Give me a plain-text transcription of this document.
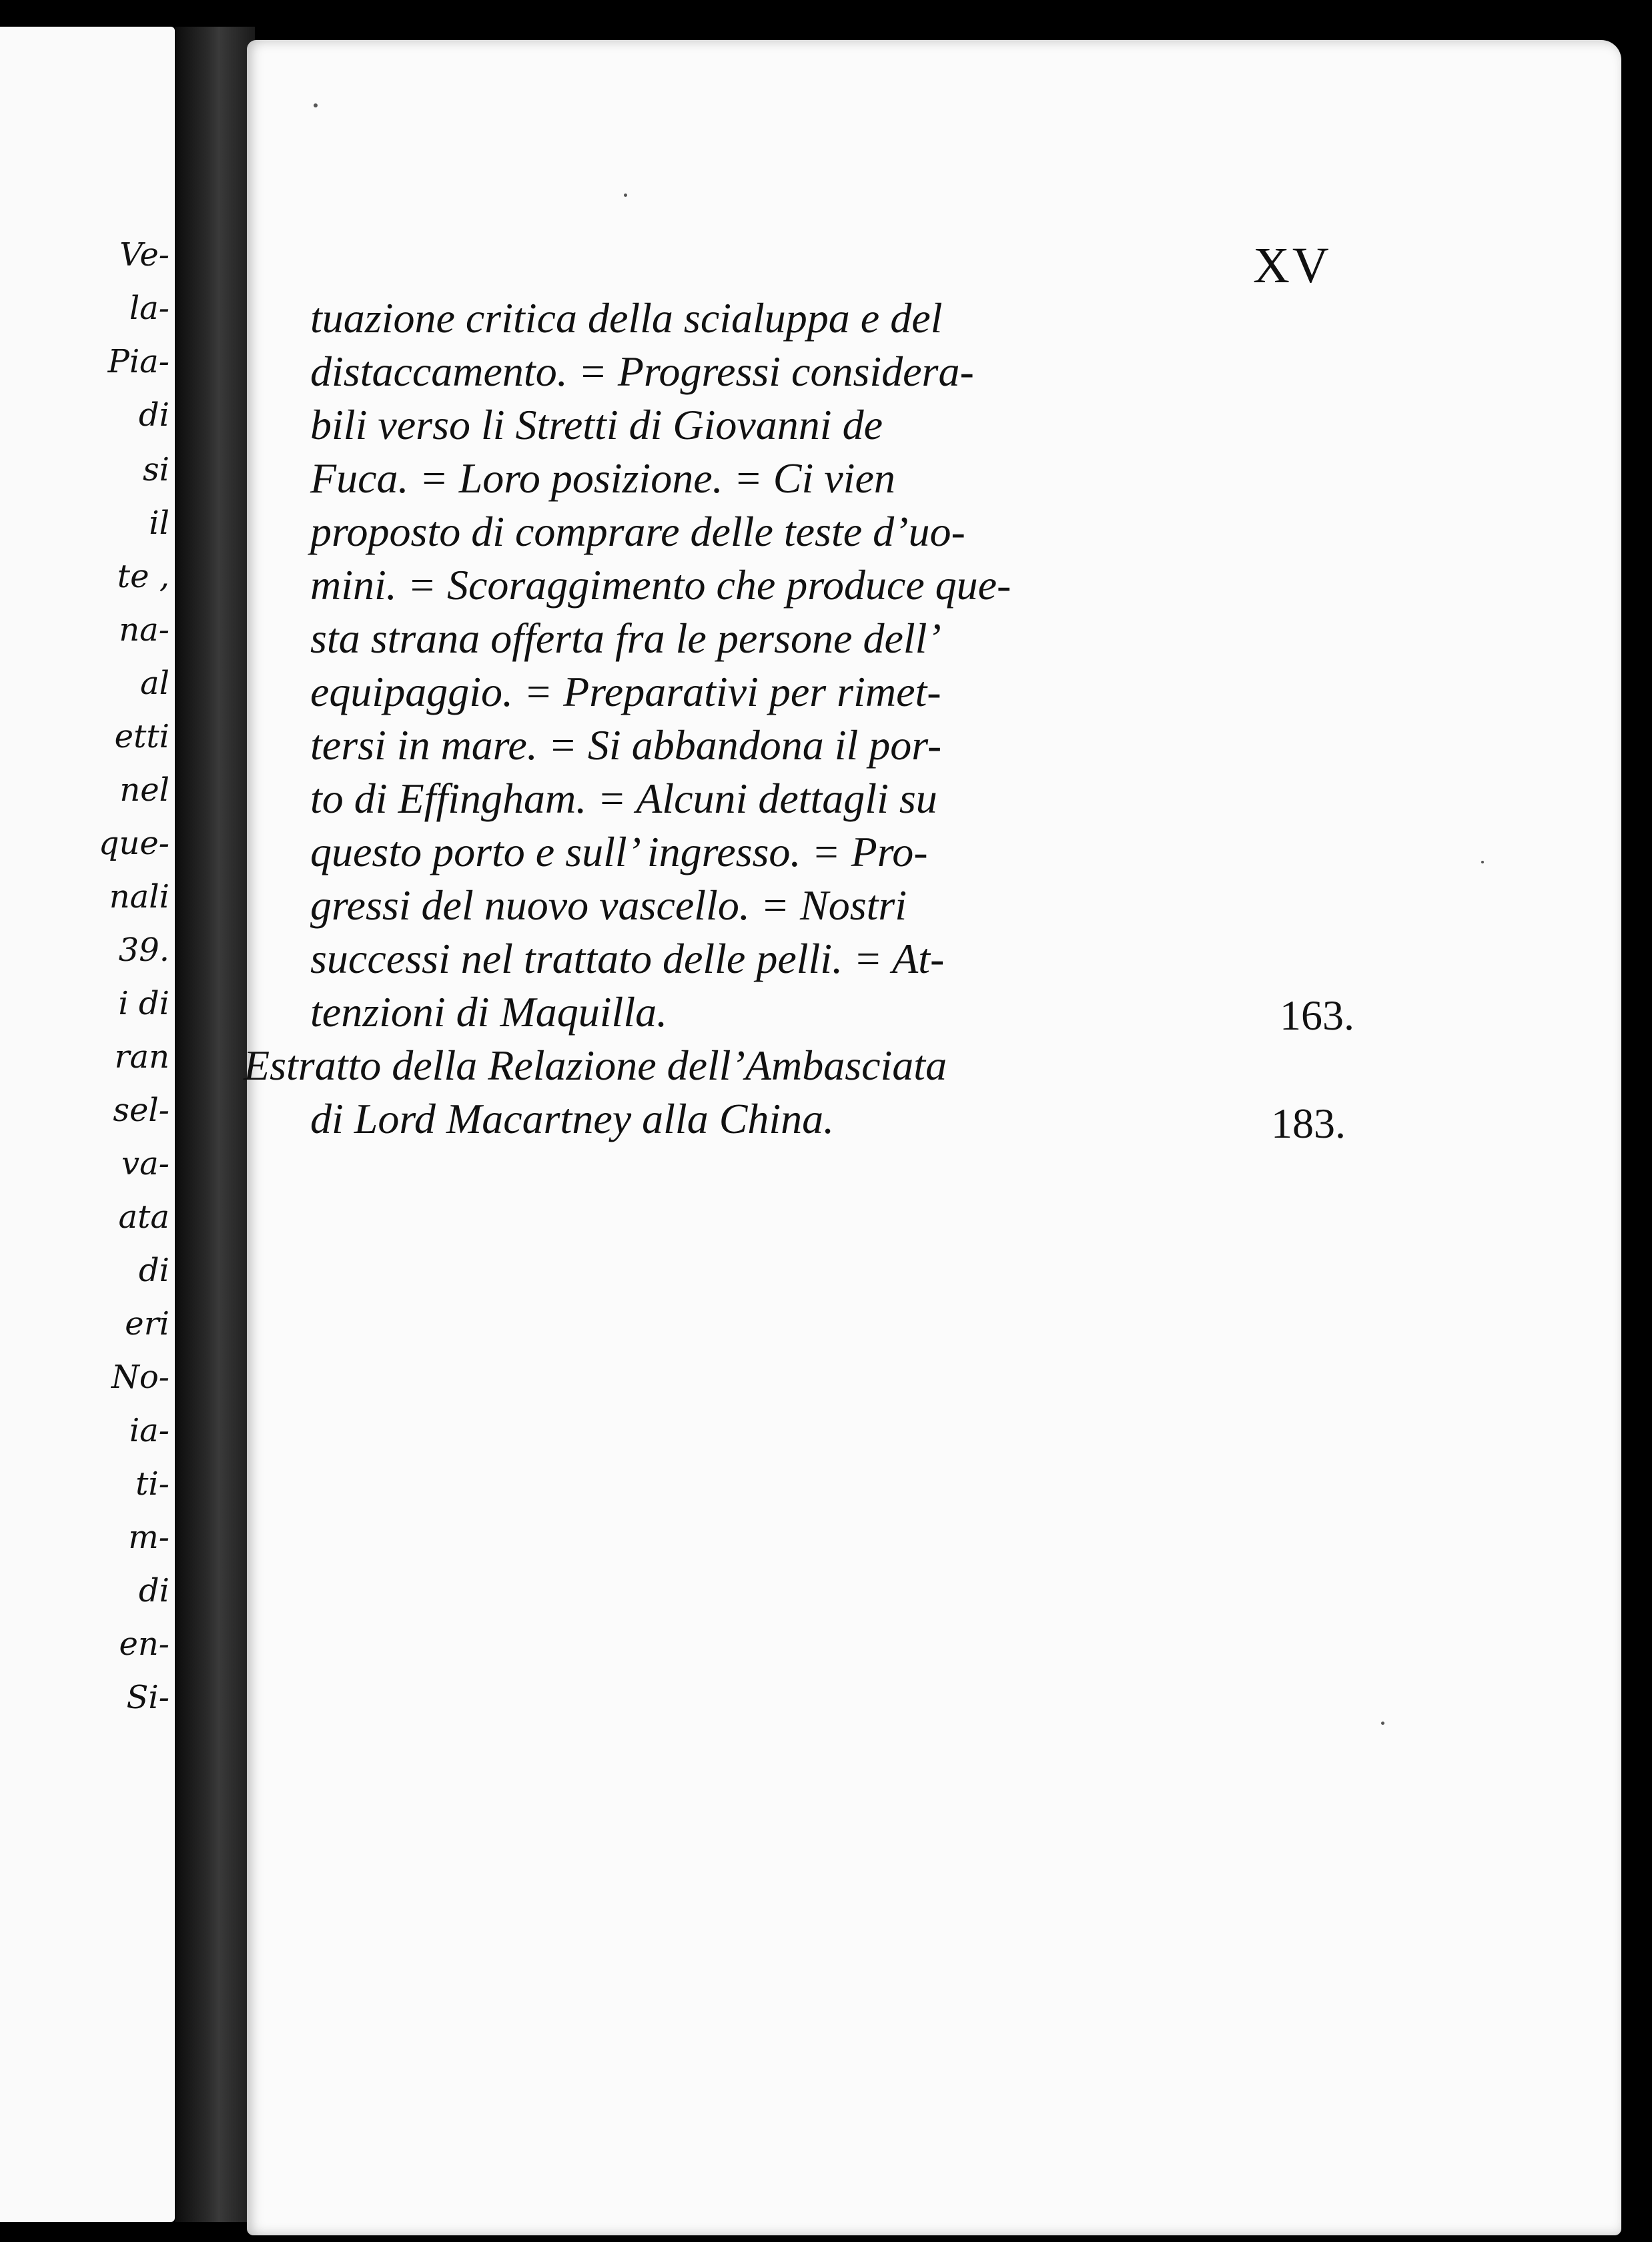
Ve-
la-
Pia-
di
si
il
te ,
na-
al
etti
nel
que-
nali
39.
i di
ran
sel-
va-
ata
di
eri
No-
ia-
ti-
m-
di
en-
Si-
XV
tuazione critica della scialuppa e del
distaccamento. = Progressi considera-
bili verso li Stretti di Giovanni de
Fuca. = Loro posizione. = Ci vien
proposto di comprare delle teste d’uo-
mini. = Scoraggimento che produce que-
sta strana offerta fra le persone dell’
equipaggio. = Preparativi per rimet-
tersi in mare. = Si abbandona il por-
to di Effingham. = Alcuni dettagli su
questo porto e sull’ ingresso. = Pro-
gressi del nuovo vascello. = Nostri
successi nel trattato delle pelli. = At-
tenzioni di Maquilla.	163.
Estratto della Relazione dell’Ambasciata
di Lord Macartney alla China.	183.
